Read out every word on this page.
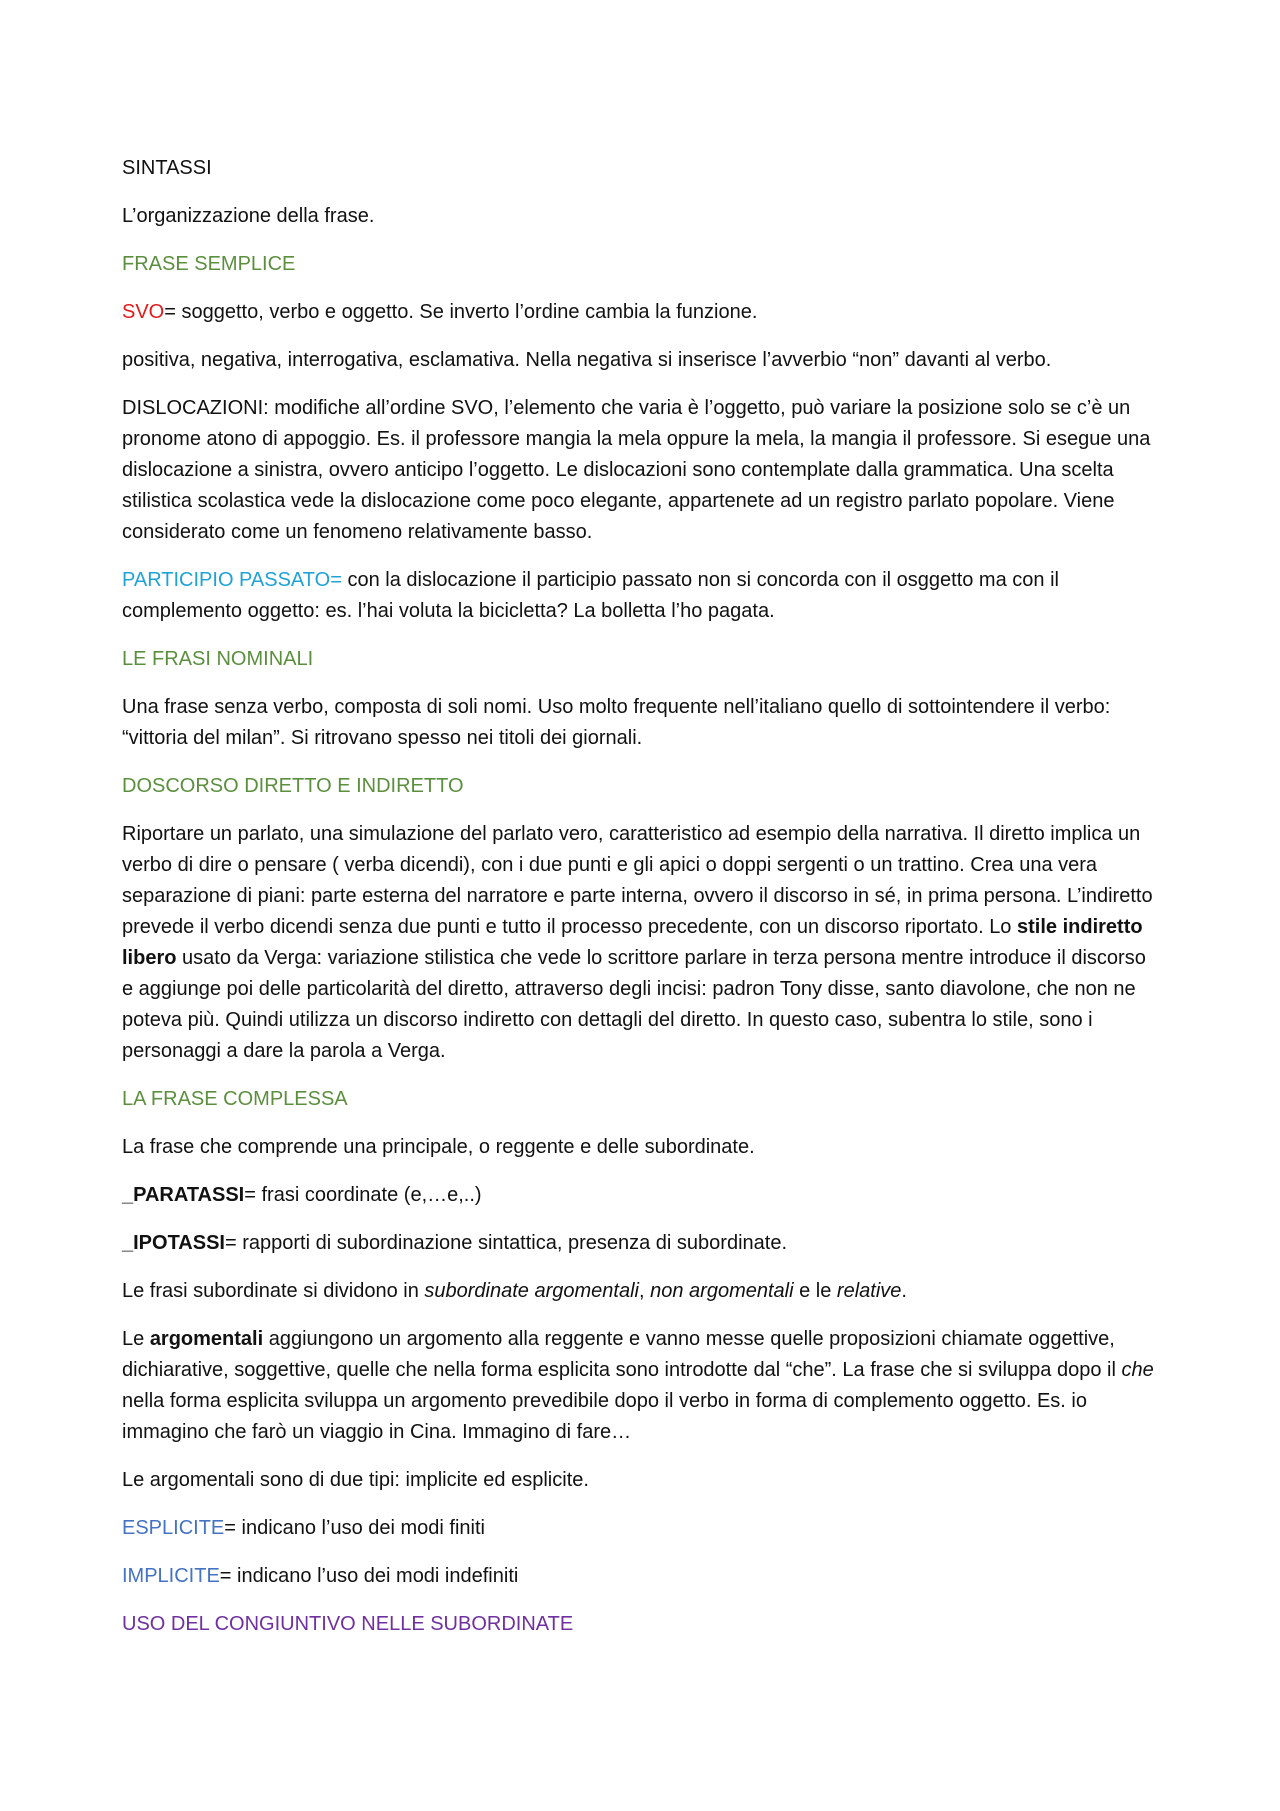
SINTASSI

L’organizzazione della frase.

FRASE SEMPLICE

SVO= soggetto, verbo e oggetto. Se inverto l’ordine cambia la funzione.

positiva, negativa, interrogativa, esclamativa. Nella negativa si inserisce l’avverbio “non” davanti al verbo.

DISLOCAZIONI: modifiche all’ordine SVO, l’elemento che varia è l’oggetto, può variare la posizione solo se c’è un pronome atono di appoggio. Es. il professore mangia la mela oppure la mela, la mangia il professore. Si esegue una dislocazione a sinistra, ovvero anticipo l’oggetto. Le dislocazioni sono contemplate dalla grammatica. Una scelta stilistica scolastica vede la dislocazione come poco elegante, appartenete ad un registro parlato popolare. Viene considerato come un fenomeno relativamente basso.

PARTICIPIO PASSATO= con la dislocazione il participio passato non si concorda con il osggetto ma con il complemento oggetto: es. l’hai voluta la bicicletta? La bolletta l’ho pagata.

LE FRASI NOMINALI

Una frase senza verbo, composta di soli nomi. Uso molto frequente nell’italiano quello di sottointendere il verbo: “vittoria del milan”. Si ritrovano spesso nei titoli dei giornali.

DOSCORSO DIRETTO E INDIRETTO

Riportare un parlato, una simulazione del parlato vero, caratteristico ad esempio della narrativa. Il diretto implica un verbo di dire o pensare ( verba dicendi), con i due punti e gli apici o doppi sergenti o un trattino. Crea una vera separazione di piani: parte esterna del narratore e parte interna, ovvero il discorso in sé, in prima persona. L’indiretto prevede il verbo dicendi senza due punti e tutto il processo precedente, con un discorso riportato. Lo stile indiretto libero usato da Verga: variazione stilistica che vede lo scrittore parlare in terza persona mentre introduce il discorso e aggiunge poi delle particolarità del diretto, attraverso degli incisi: padron Tony disse, santo diavolone, che non ne poteva più. Quindi utilizza un discorso indiretto con dettagli del diretto. In questo caso, subentra lo stile, sono i personaggi a dare la parola a Verga.

LA FRASE COMPLESSA

La frase che comprende una principale, o reggente e delle subordinate.

_PARATASSI= frasi coordinate (e,…e,..)

_IPOTASSI= rapporti di subordinazione sintattica, presenza di subordinate.

Le frasi subordinate si dividono in subordinate argomentali, non argomentali e le relative.

Le argomentali aggiungono un argomento alla reggente e vanno messe quelle proposizioni chiamate oggettive, dichiarative, soggettive, quelle che nella forma esplicita sono introdotte dal “che”. La frase che si sviluppa dopo il che nella forma esplicita sviluppa un argomento prevedibile dopo il verbo in forma di complemento oggetto. Es. io immagino che farò un viaggio in Cina. Immagino di fare…

Le argomentali sono di due tipi: implicite ed esplicite.

ESPLICITE= indicano l’uso dei modi finiti

IMPLICITE= indicano l’uso dei modi indefiniti

USO DEL CONGIUNTIVO NELLE SUBORDINATE
